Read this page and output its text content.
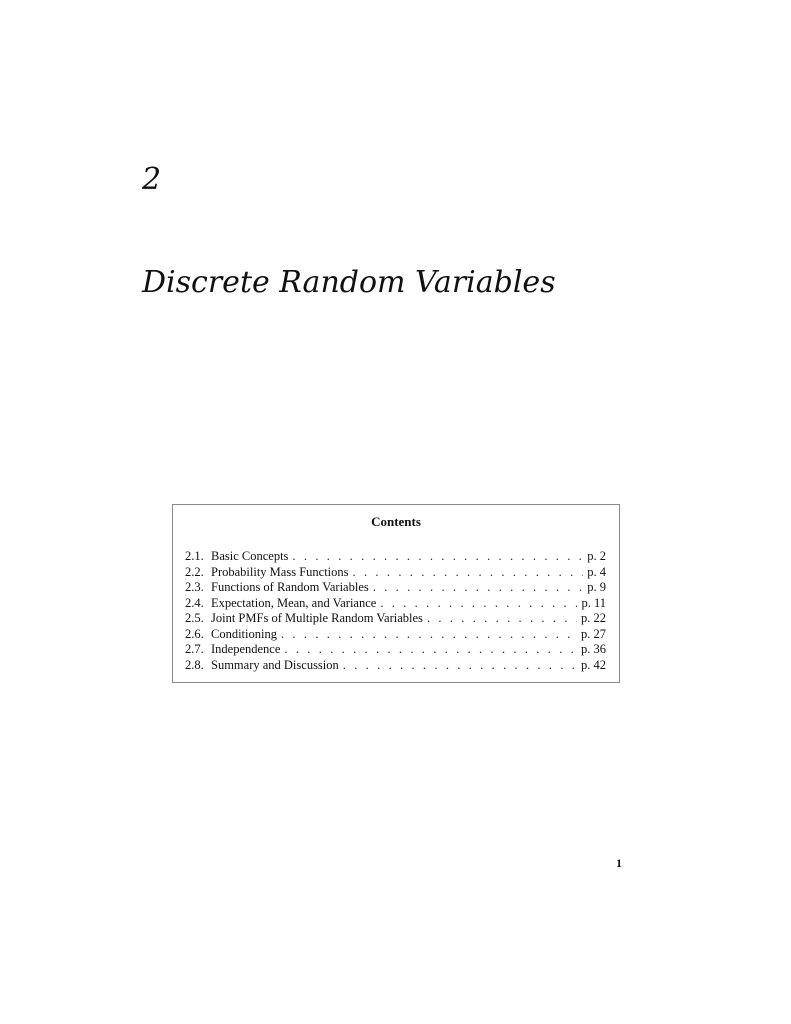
2
Discrete Random Variables
Contents
2.1. Basic Concepts . . .	p. 2
2.2. Probability Mass Functions . . .	p. 4
2.3. Functions of Random Variables . . .	p. 9
2.4. Expectation, Mean, and Variance . . .	p. 11
2.5. Joint PMFs of Multiple Random Variables . . .	p. 22
2.6. Conditioning . . .	p. 27
2.7. Independence . . .	p. 36
2.8. Summary and Discussion . . .	p. 42
1
